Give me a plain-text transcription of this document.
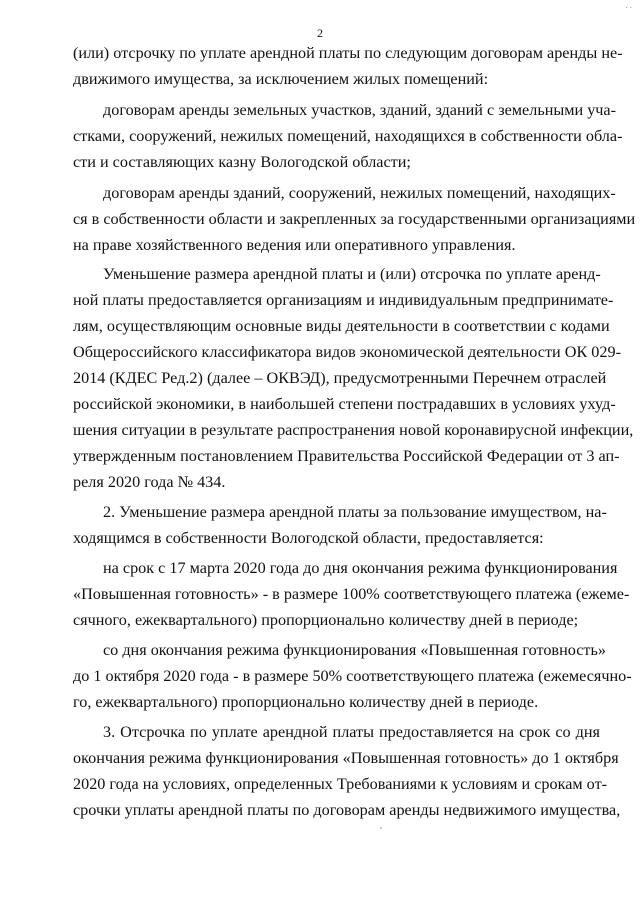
..
2
(или) отсрочку по уплате арендной платы по следующим договорам аренды не-
движимого имущества, за исключением жилых помещений:
договорам аренды земельных участков, зданий, зданий с земельными уча-
стками, сооружений, нежилых помещений, находящихся в собственности обла-
сти и составляющих казну Вологодской области;
договорам аренды зданий, сооружений, нежилых помещений, находящих-
ся в собственности области и закрепленных за государственными организациями
на праве хозяйственного ведения или оперативного управления.
Уменьшение размера арендной платы и (или) отсрочка по уплате аренд-
ной платы предоставляется организациям и индивидуальным предпринимате-
лям, осуществляющим основные виды деятельности в соответствии с кодами
Общероссийского классификатора видов экономической деятельности ОК 029-
2014 (КДЕС Ред.2) (далее – ОКВЭД), предусмотренными Перечнем отраслей
российской экономики, в наибольшей степени пострадавших в условиях ухуд-
шения ситуации в результате распространения новой коронавирусной инфекции,
утвержденным постановлением Правительства Российской Федерации от 3 ап-
реля 2020 года № 434.
2. Уменьшение размера арендной платы за пользование имуществом, на-
ходящимся в собственности Вологодской области, предоставляется:
на срок с 17 марта 2020 года до дня окончания режима функционирования
«Повышенная готовность» - в размере 100% соответствующего платежа (ежеме-
сячного, ежеквартального) пропорционально количеству дней в периоде;
со дня окончания режима функционирования «Повышенная готовность»
до 1 октября 2020 года - в размере 50% соответствующего платежа (ежемесячно-
го, ежеквартального) пропорционально количеству дней в периоде.
3. Отсрочка по уплате арендной платы предоставляется на срок со дня
окончания режима функционирования «Повышенная готовность» до 1 октября
2020 года на условиях, определенных Требованиями к условиям и срокам от-
срочки уплаты арендной платы по договорам аренды недвижимого имущества,
